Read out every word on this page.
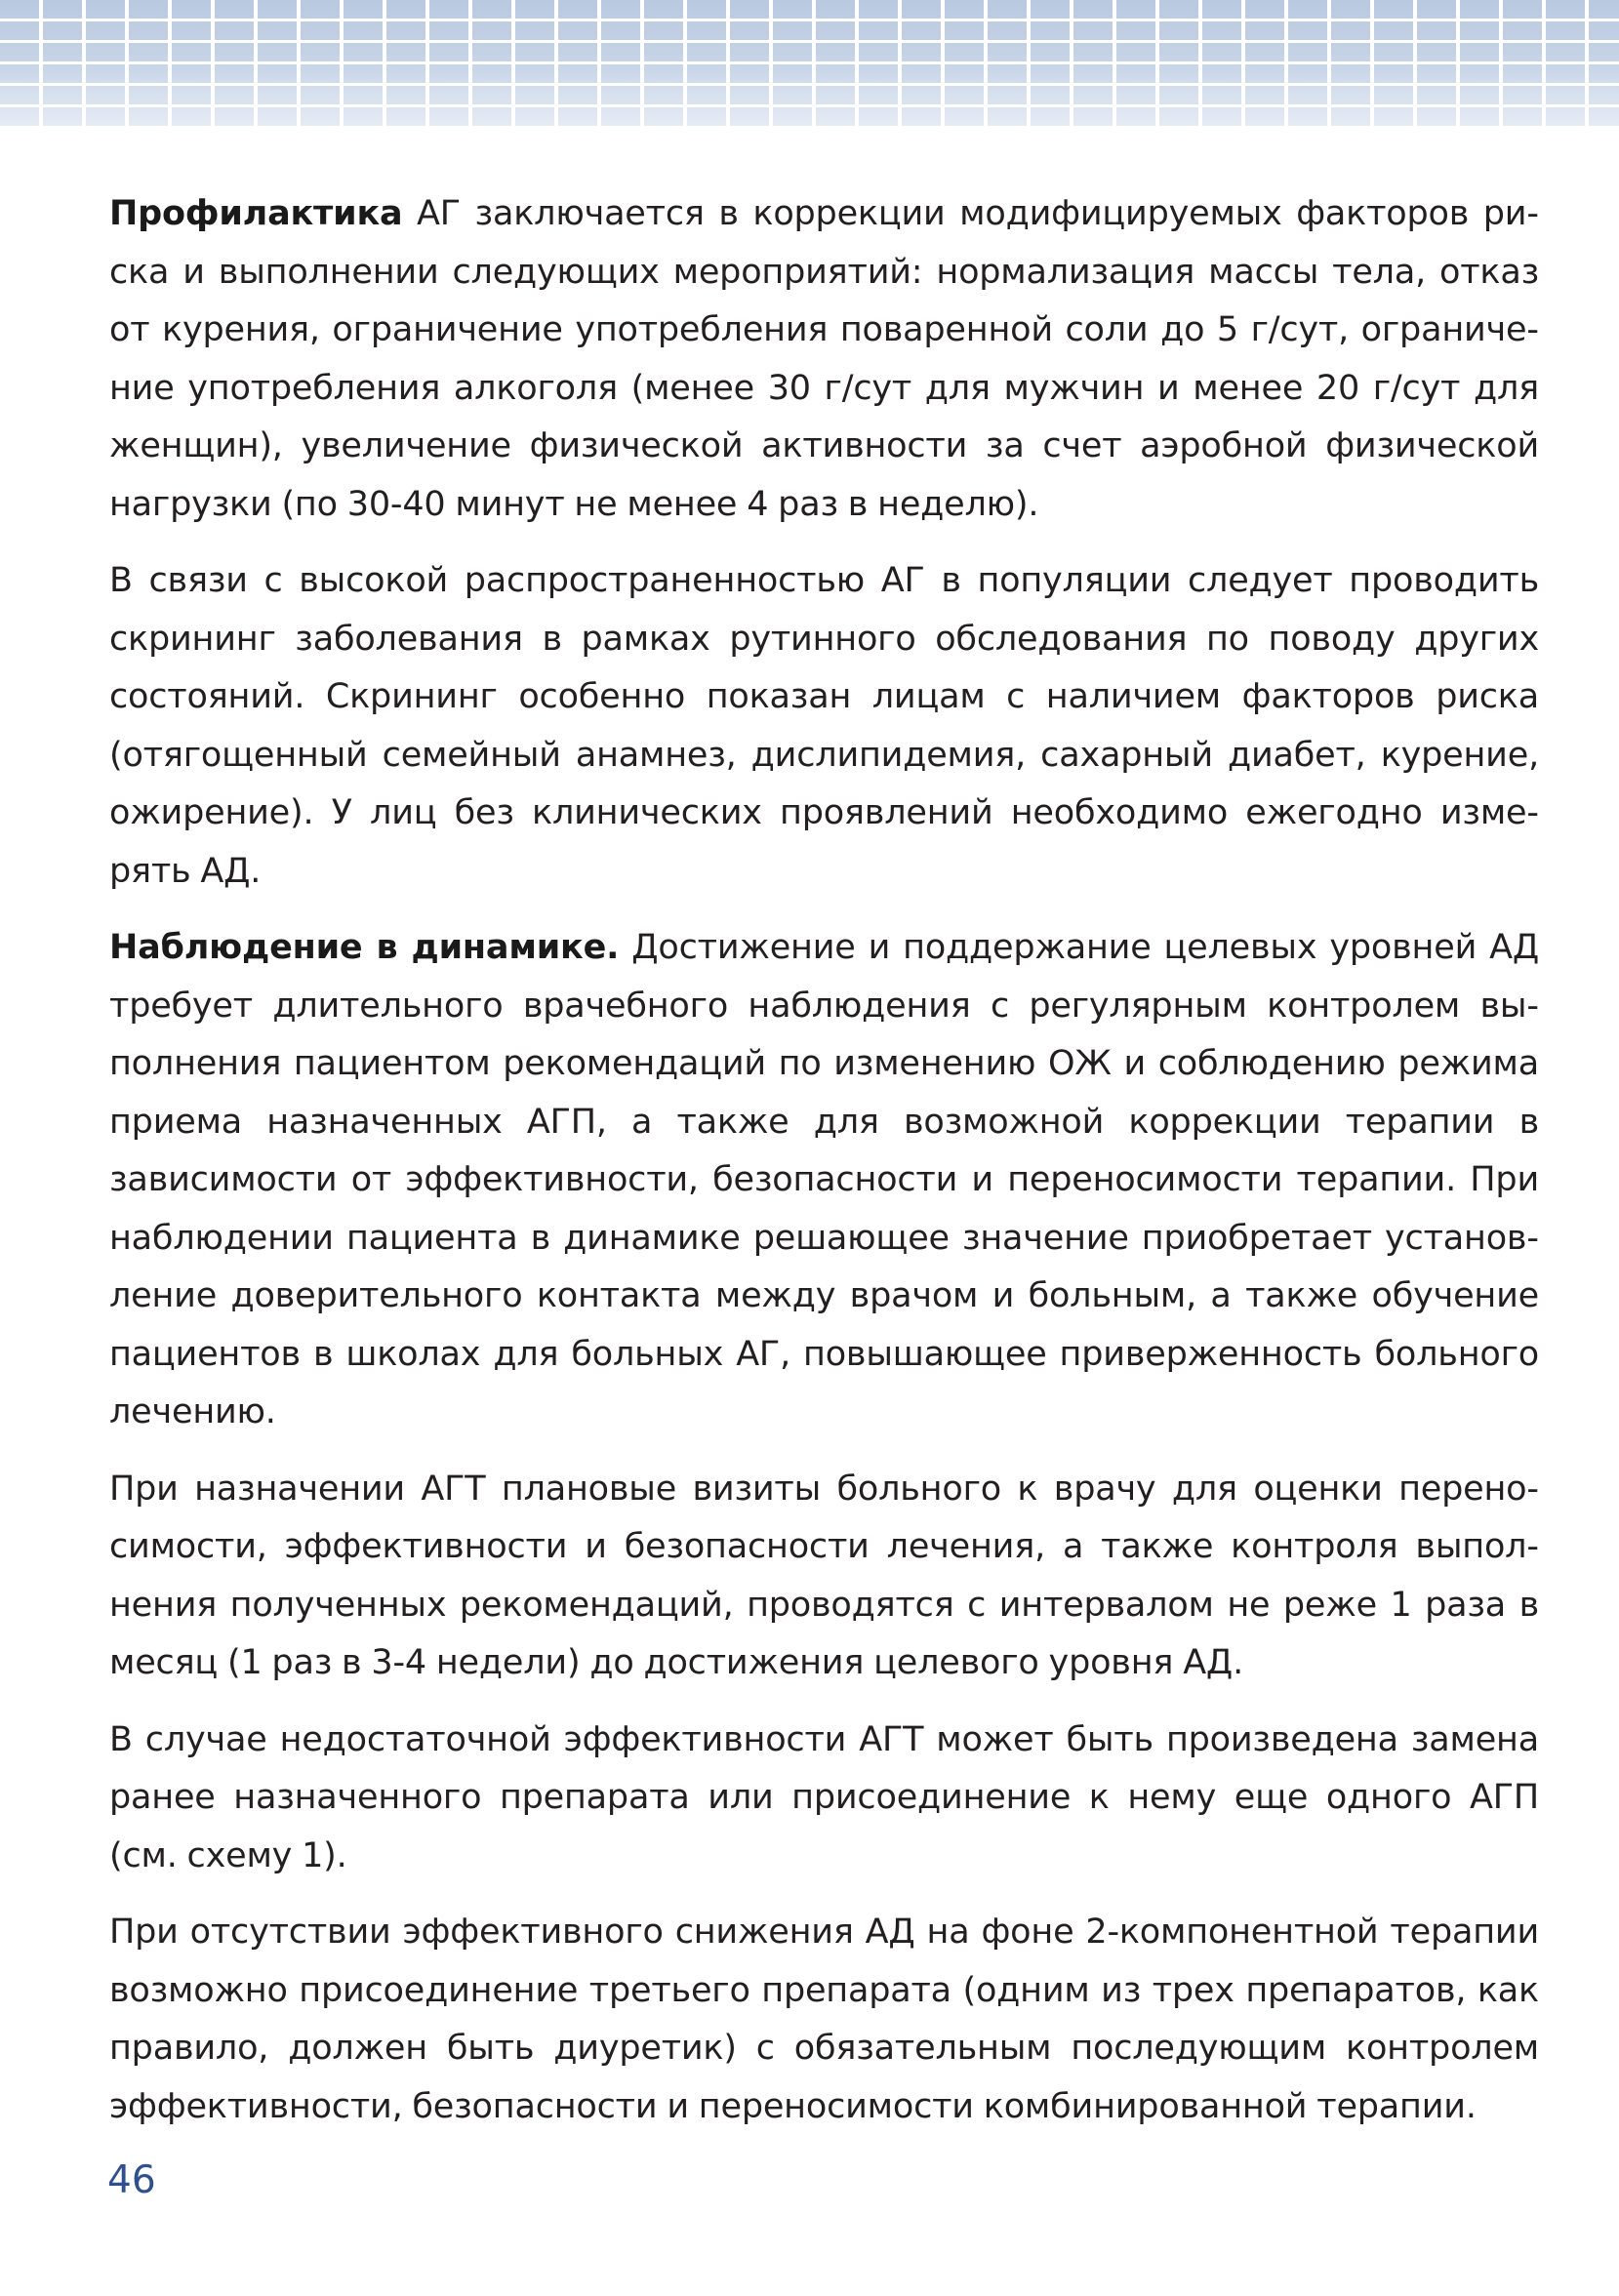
Профилактика АГ заключается в коррекции модифицируемых факторов риска и выполнении следующих мероприятий: нормализация массы тела, отказ от курения, ограничение употребления поваренной соли до 5 г/сут, ограничение употребления алкоголя (менее 30 г/сут для мужчин и менее 20 г/сут для женщин), увеличение физической активности за счет аэробной физической нагрузки (по 30-40 минут не менее 4 раз в неделю).

В связи с высокой распространенностью АГ в популяции следует проводить скрининг заболевания в рамках рутинного обследования по поводу других состояний. Скрининг особенно показан лицам с наличием факторов риска (отягощенный семейный анамнез, дислипидемия, сахарный диабет, курение, ожирение). У лиц без клинических проявлений необходимо ежегодно измерять АД.

Наблюдение в динамике. Достижение и поддержание целевых уровней АД требует длительного врачебного наблюдения с регулярным контролем выполнения пациентом рекомендаций по изменению ОЖ и соблюдению режима приема назначенных АГП, а также для возможной коррекции терапии в зависимости от эффективности, безопасности и переносимости терапии. При наблюдении пациента в динамике решающее значение приобретает установление доверительного контакта между врачом и больным, а также обучение пациентов в школах для больных АГ, повышающее приверженность больного лечению.

При назначении АГТ плановые визиты больного к врачу для оценки переносимости, эффективности и безопасности лечения, а также контроля выполнения полученных рекомендаций, проводятся с интервалом не реже 1 раза в месяц (1 раз в 3-4 недели) до достижения целевого уровня АД.

В случае недостаточной эффективности АГТ может быть произведена замена ранее назначенного препарата или присоединение к нему еще одного АГП (см. схему 1).

При отсутствии эффективного снижения АД на фоне 2-компонентной терапии возможно присоединение третьего препарата (одним из трех препаратов, как правило, должен быть диуретик) с обязательным последующим контролем эффективности, безопасности и переносимости комбинированной терапии.

46
